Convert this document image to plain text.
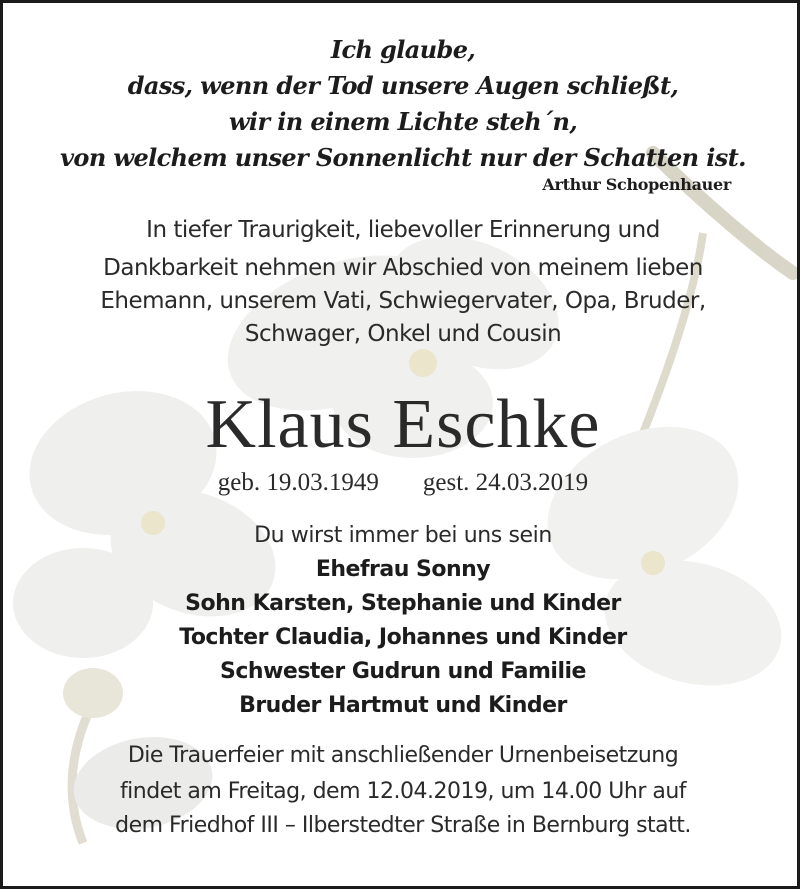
Ich glaube,
dass, wenn der Tod unsere Augen schließt,
wir in einem Lichte steh´n,
von welchem unser Sonnenlicht nur der Schatten ist.
Arthur Schopenhauer
In tiefer Traurigkeit, liebevoller Erinnerung und
Dankbarkeit nehmen wir Abschied von meinem lieben
Ehemann, unserem Vati, Schwiegervater, Opa, Bruder,
Schwager, Onkel und Cousin
Klaus Eschke
geb. 19.03.1949 gest. 24.03.2019
Du wirst immer bei uns sein
Ehefrau Sonny
Sohn Karsten, Stephanie und Kinder
Tochter Claudia, Johannes und Kinder
Schwester Gudrun und Familie
Bruder Hartmut und Kinder
Die Trauerfeier mit anschließender Urnenbeisetzung
findet am Freitag, dem 12.04.2019, um 14.00 Uhr auf
dem Friedhof III – Ilberstedter Straße in Bernburg statt.
